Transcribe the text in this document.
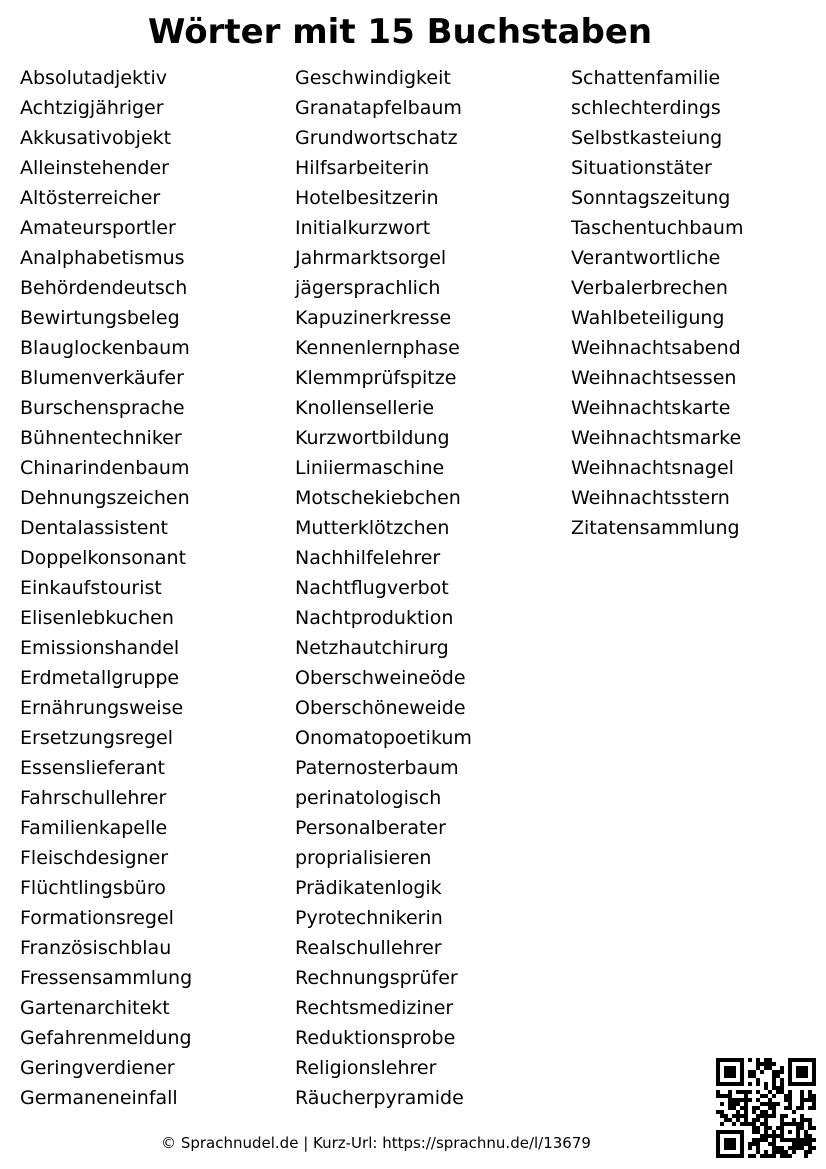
Wörter mit 15 Buchstaben
Absolutadjektiv
Achtzigjähriger
Akkusativobjekt
Alleinstehender
Altösterreicher
Amateursportler
Analphabetismus
Behördendeutsch
Bewirtungsbeleg
Blauglockenbaum
Blumenverkäufer
Burschensprache
Bühnentechniker
Chinarindenbaum
Dehnungszeichen
Dentalassistent
Doppelkonsonant
Einkaufstourist
Elisenlebkuchen
Emissionshandel
Erdmetallgruppe
Ernährungsweise
Ersetzungsregel
Essenslieferant
Fahrschullehrer
Familienkapelle
Fleischdesigner
Flüchtlingsbüro
Formationsregel
Französischblau
Fressensammlung
Gartenarchitekt
Gefahrenmeldung
Geringverdiener
Germaneneinfall
Geschwindigkeit
Granatapfelbaum
Grundwortschatz
Hilfsarbeiterin
Hotelbesitzerin
Initialkurzwort
Jahrmarktsorgel
jägersprachlich
Kapuzinerkresse
Kennenlernphase
Klemmprüfspitze
Knollensellerie
Kurzwortbildung
Liniiermaschine
Motschekiebchen
Mutterklötzchen
Nachhilfelehrer
Nachtflugverbot
Nachtproduktion
Netzhautchirurg
Oberschweineöde
Oberschöneweide
Onomatopoetikum
Paternosterbaum
perinatologisch
Personalberater
proprialisieren
Prädikatenlogik
Pyrotechnikerin
Realschullehrer
Rechnungsprüfer
Rechtsmediziner
Reduktionsprobe
Religionslehrer
Räucherpyramide
Schattenfamilie
schlechterdings
Selbstkasteiung
Situationstäter
Sonntagszeitung
Taschentuchbaum
Verantwortliche
Verbalerbrechen
Wahlbeteiligung
Weihnachtsabend
Weihnachtsessen
Weihnachtskarte
Weihnachtsmarke
Weihnachtsnagel
Weihnachtsstern
Zitatensammlung
© Sprachnudel.de | Kurz-Url: https://sprachnu.de/l/13679
